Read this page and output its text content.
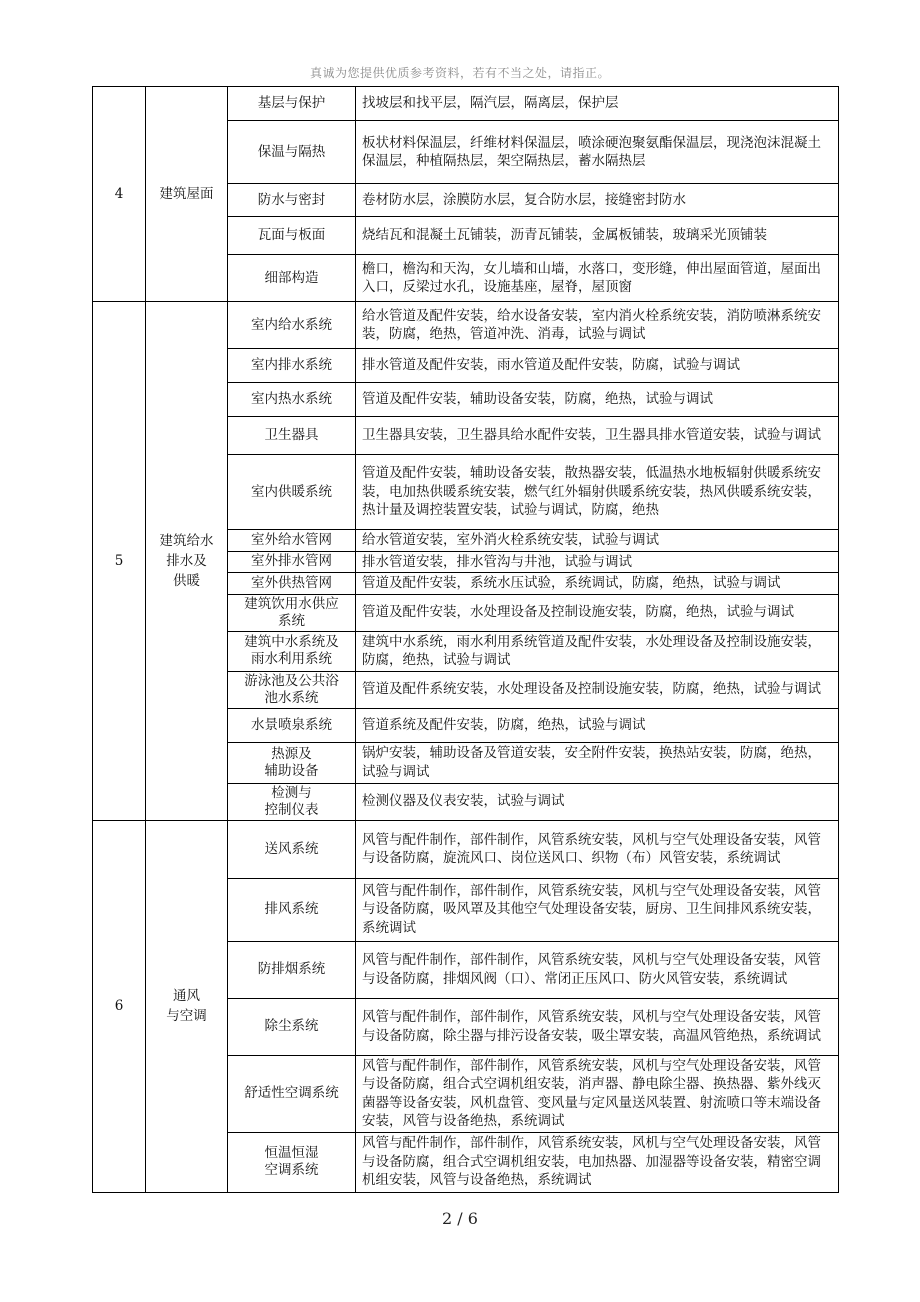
真诚为您提供优质参考资料，若有不当之处，请指正。
4	建筑屋面	基层与保护	找坡层和找平层，隔汽层，隔离层，保护层
		保温与隔热	板状材料保温层，纤维材料保温层，喷涂硬泡聚氨酯保温层，现浇泡沫混凝土保温层，种植隔热层，架空隔热层，蓄水隔热层
		防水与密封	卷材防水层，涂膜防水层，复合防水层，接缝密封防水
		瓦面与板面	烧结瓦和混凝土瓦铺装，沥青瓦铺装，金属板铺装，玻璃采光顶铺装
		细部构造	檐口，檐沟和天沟，女儿墙和山墙，水落口，变形缝，伸出屋面管道，屋面出入口，反梁过水孔，设施基座，屋脊，屋顶窗
5	建筑给水
排水及
供暖	室内给水系统	给水管道及配件安装，给水设备安装，室内消火栓系统安装，消防喷淋系统安装，防腐，绝热，管道冲洗、消毒，试验与调试
		室内排水系统	排水管道及配件安装，雨水管道及配件安装，防腐，试验与调试
		室内热水系统	管道及配件安装，辅助设备安装，防腐，绝热，试验与调试
		卫生器具	卫生器具安装，卫生器具给水配件安装，卫生器具排水管道安装，试验与调试
		室内供暖系统	管道及配件安装，辅助设备安装，散热器安装，低温热水地板辐射供暖系统安装，电加热供暖系统安装，燃气红外辐射供暖系统安装，热风供暖系统安装，热计量及调控装置安装，试验与调试，防腐，绝热
		室外给水管网	给水管道安装，室外消火栓系统安装，试验与调试
		室外排水管网	排水管道安装，排水管沟与井池，试验与调试
		室外供热管网	管道及配件安装，系统水压试验，系统调试，防腐，绝热，试验与调试
		建筑饮用水供应
系统	管道及配件安装，水处理设备及控制设施安装，防腐，绝热，试验与调试
		建筑中水系统及
雨水利用系统	建筑中水系统，雨水利用系统管道及配件安装，水处理设备及控制设施安装，防腐，绝热，试验与调试
		游泳池及公共浴
池水系统	管道及配件系统安装，水处理设备及控制设施安装，防腐，绝热，试验与调试
		水景喷泉系统	管道系统及配件安装，防腐，绝热，试验与调试
		热源及
辅助设备	锅炉安装，辅助设备及管道安装，安全附件安装，换热站安装，防腐，绝热，试验与调试
		检测与
控制仪表	检测仪器及仪表安装，试验与调试
6	通风
与空调	送风系统	风管与配件制作，部件制作，风管系统安装，风机与空气处理设备安装，风管与设备防腐，旋流风口、岗位送风口、织物（布）风管安装，系统调试
		排风系统	风管与配件制作，部件制作，风管系统安装，风机与空气处理设备安装，风管与设备防腐，吸风罩及其他空气处理设备安装，厨房、卫生间排风系统安装，系统调试
		防排烟系统	风管与配件制作，部件制作，风管系统安装，风机与空气处理设备安装，风管与设备防腐，排烟风阀（口）、常闭正压风口、防火风管安装，系统调试
		除尘系统	风管与配件制作，部件制作，风管系统安装，风机与空气处理设备安装，风管与设备防腐，除尘器与排污设备安装，吸尘罩安装，高温风管绝热，系统调试
		舒适性空调系统	风管与配件制作，部件制作，风管系统安装，风机与空气处理设备安装，风管与设备防腐，组合式空调机组安装，消声器、静电除尘器、换热器、紫外线灭菌器等设备安装，风机盘管、变风量与定风量送风装置、射流喷口等末端设备安装，风管与设备绝热，系统调试
		恒温恒湿
空调系统	风管与配件制作，部件制作，风管系统安装，风机与空气处理设备安装，风管与设备防腐，组合式空调机组安装，电加热器、加湿器等设备安装，精密空调机组安装，风管与设备绝热，系统调试
2 / 6
